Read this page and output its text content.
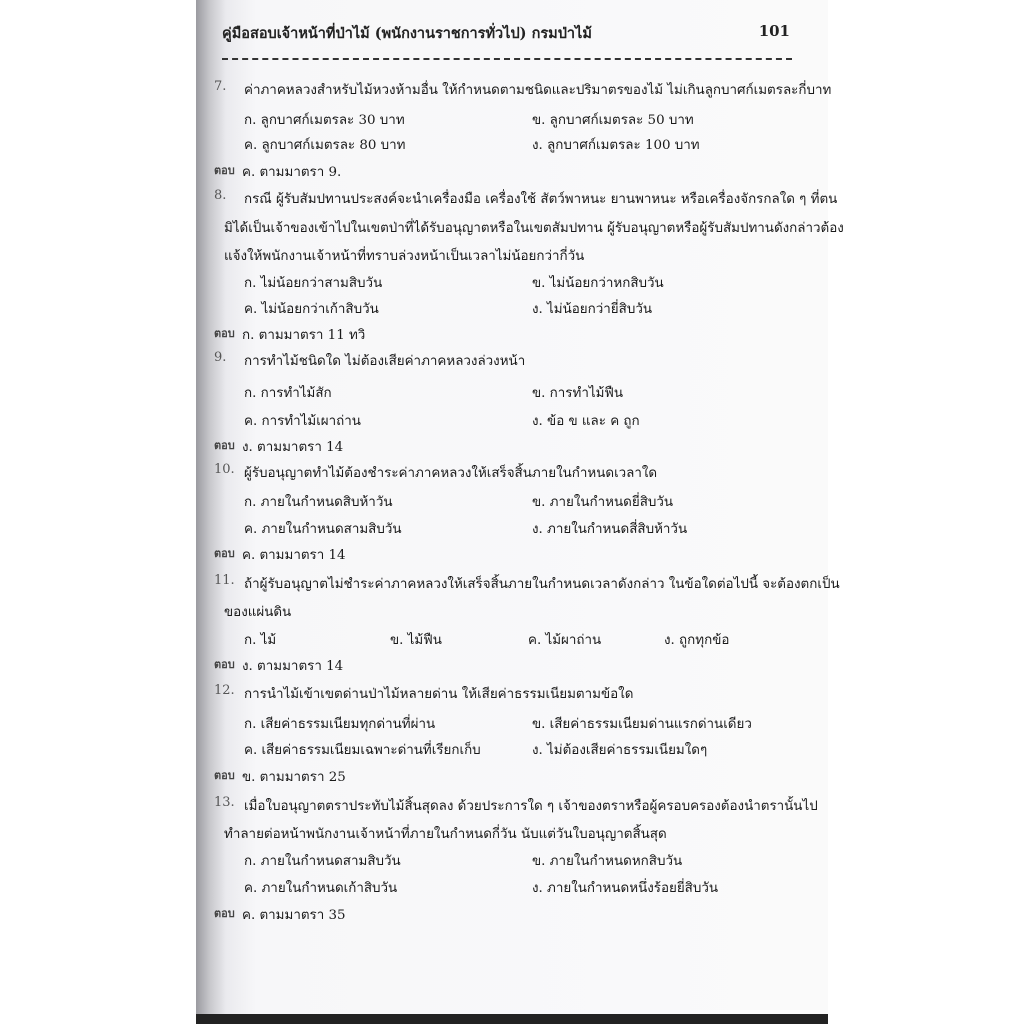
คู่มือสอบเจ้าหน้าที่ป่าไม้ (พนักงานราชการทั่วไป) กรมป่าไม้	101
7. ค่าภาคหลวงสำหรับไม้หวงห้ามอื่น ให้กำหนดตามชนิดและปริมาตรของไม้ ไม่เกินลูกบาศก์เมตรละกี่บาท
ก. ลูกบาศก์เมตรละ 30 บาท	ข. ลูกบาศก์เมตรละ 50 บาท
ค. ลูกบาศก์เมตรละ 80 บาท	ง. ลูกบาศก์เมตรละ 100 บาท
ตอบ ค. ตามมาตรา 9.
8. กรณี ผู้รับสัมปทานประสงค์จะนำเครื่องมือ เครื่องใช้ สัตว์พาหนะ ยานพาหนะ หรือเครื่องจักรกลใด ๆ ที่ตน
มิได้เป็นเจ้าของเข้าไปในเขตป่าที่ได้รับอนุญาตหรือในเขตสัมปทาน ผู้รับอนุญาตหรือผู้รับสัมปทานดังกล่าวต้อง
แจ้งให้พนักงานเจ้าหน้าที่ทราบล่วงหน้าเป็นเวลาไม่น้อยกว่ากี่วัน
ก. ไม่น้อยกว่าสามสิบวัน	ข. ไม่น้อยกว่าหกสิบวัน
ค. ไม่น้อยกว่าเก้าสิบวัน	ง. ไม่น้อยกว่ายี่สิบวัน
ตอบ ก. ตามมาตรา 11 ทวิ
9. การทำไม้ชนิดใด ไม่ต้องเสียค่าภาคหลวงล่วงหน้า
ก. การทำไม้สัก	ข. การทำไม้ฟืน
ค. การทำไม้เผาถ่าน	ง. ข้อ ข และ ค ถูก
ตอบ ง. ตามมาตรา 14
10. ผู้รับอนุญาตทำไม้ต้องชำระค่าภาคหลวงให้เสร็จสิ้นภายในกำหนดเวลาใด
ก. ภายในกำหนดสิบห้าวัน	ข. ภายในกำหนดยี่สิบวัน
ค. ภายในกำหนดสามสิบวัน	ง. ภายในกำหนดสี่สิบห้าวัน
ตอบ ค. ตามมาตรา 14
11. ถ้าผู้รับอนุญาตไม่ชำระค่าภาคหลวงให้เสร็จสิ้นภายในกำหนดเวลาดังกล่าว ในข้อใดต่อไปนี้ จะต้องตกเป็น
ของแผ่นดิน
ก. ไม้	ข. ไม้ฟืน	ค. ไม้ผาถ่าน	ง. ถูกทุกข้อ
ตอบ ง. ตามมาตรา 14
12. การนำไม้เข้าเขตด่านป่าไม้หลายด่าน ให้เสียค่าธรรมเนียมตามข้อใด
ก. เสียค่าธรรมเนียมทุกด่านที่ผ่าน	ข. เสียค่าธรรมเนียมด่านแรกด่านเดียว
ค. เสียค่าธรรมเนียมเฉพาะด่านที่เรียกเก็บ	ง. ไม่ต้องเสียค่าธรรมเนียมใดๆ
ตอบ ข. ตามมาตรา 25
13. เมื่อใบอนุญาตตราประทับไม้สิ้นสุดลง ด้วยประการใด ๆ เจ้าของตราหรือผู้ครอบครองต้องนำตรานั้นไป
ทำลายต่อหน้าพนักงานเจ้าหน้าที่ภายในกำหนดกี่วัน นับแต่วันใบอนุญาตสิ้นสุด
ก. ภายในกำหนดสามสิบวัน	ข. ภายในกำหนดหกสิบวัน
ค. ภายในกำหนดเก้าสิบวัน	ง. ภายในกำหนดหนึ่งร้อยยี่สิบวัน
ตอบ ค. ตามมาตรา 35
